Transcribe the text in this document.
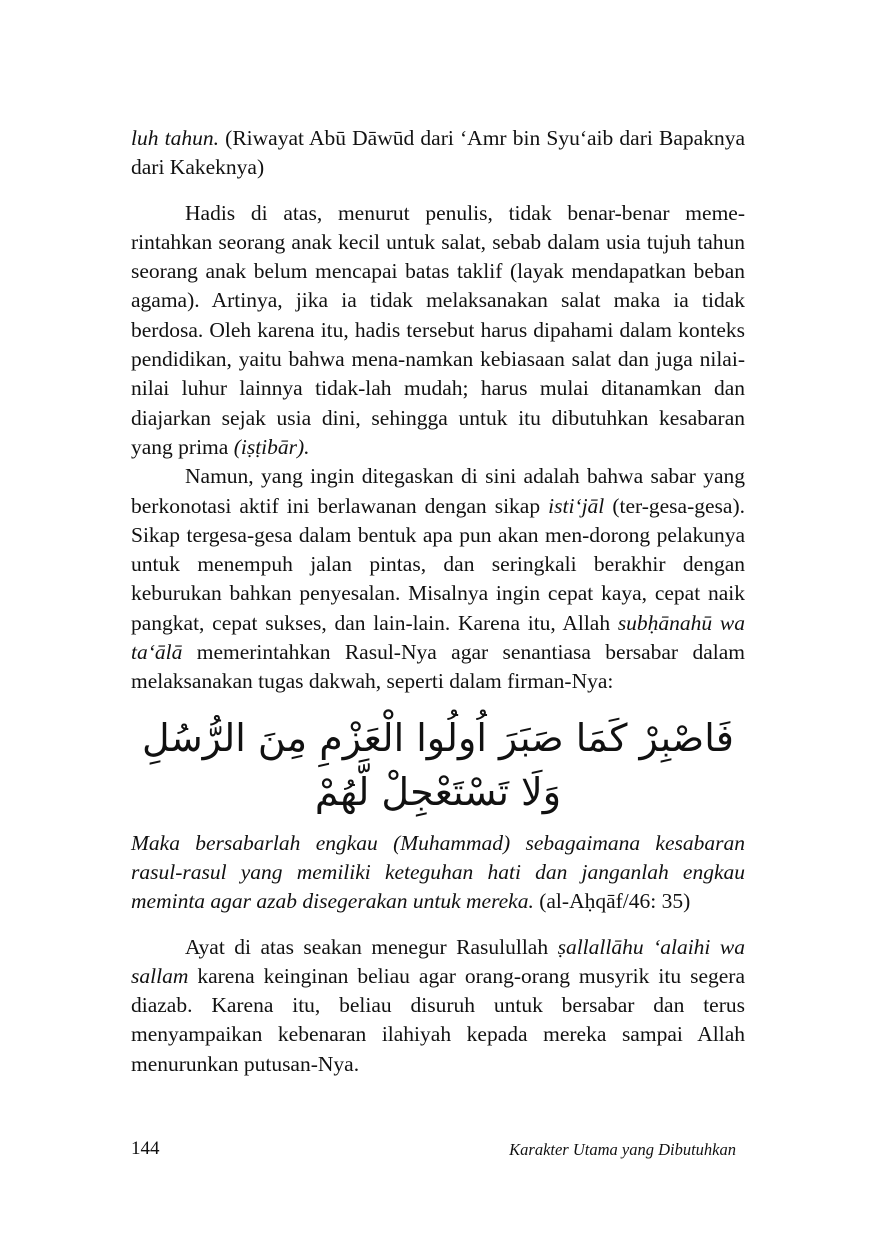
luh tahun. (Riwayat Abū Dāwūd dari ‘Amr bin Syu‘aib dari Bapaknya dari Kakeknya)

Hadis di atas, menurut penulis, tidak benar-benar meme-rintahkan seorang anak kecil untuk salat, sebab dalam usia tujuh tahun seorang anak belum mencapai batas taklif (layak mendapatkan beban agama). Artinya, jika ia tidak melaksanakan salat maka ia tidak berdosa. Oleh karena itu, hadis tersebut harus dipahami dalam konteks pendidikan, yaitu bahwa mena-namkan kebiasaan salat dan juga nilai-nilai luhur lainnya tidak-lah mudah; harus mulai ditanamkan dan diajarkan sejak usia dini, sehingga untuk itu dibutuhkan kesabaran yang prima (iṣṭibār).

Namun, yang ingin ditegaskan di sini adalah bahwa sabar yang berkonotasi aktif ini berlawanan dengan sikap isti‘jāl (ter-gesa-gesa). Sikap tergesa-gesa dalam bentuk apa pun akan men-dorong pelakunya untuk menempuh jalan pintas, dan seringkali berakhir dengan keburukan bahkan penyesalan. Misalnya ingin cepat kaya, cepat naik pangkat, cepat sukses, dan lain-lain. Karena itu, Allah subḥānahū wa ta‘ālā memerintahkan Rasul-Nya agar senantiasa bersabar dalam melaksanakan tugas dakwah, seperti dalam firman-Nya:

فَاصْبِرْ كَمَا صَبَرَ اُولُوا الْعَزْمِ مِنَ الرُّسُلِ وَلَا تَسْتَعْجِلْ لَّهُمْ

Maka bersabarlah engkau (Muhammad) sebagaimana kesabaran rasul-rasul yang memiliki keteguhan hati dan janganlah engkau meminta agar azab disegerakan untuk mereka. (al-Aḥqāf/46: 35)

Ayat di atas seakan menegur Rasulullah ṣallallāhu ‘alaihi wa sallam karena keinginan beliau agar orang-orang musyrik itu segera diazab. Karena itu, beliau disuruh untuk bersabar dan terus menyampaikan kebenaran ilahiyah kepada mereka sampai Allah menurunkan putusan-Nya.

144	Karakter Utama yang Dibutuhkan
